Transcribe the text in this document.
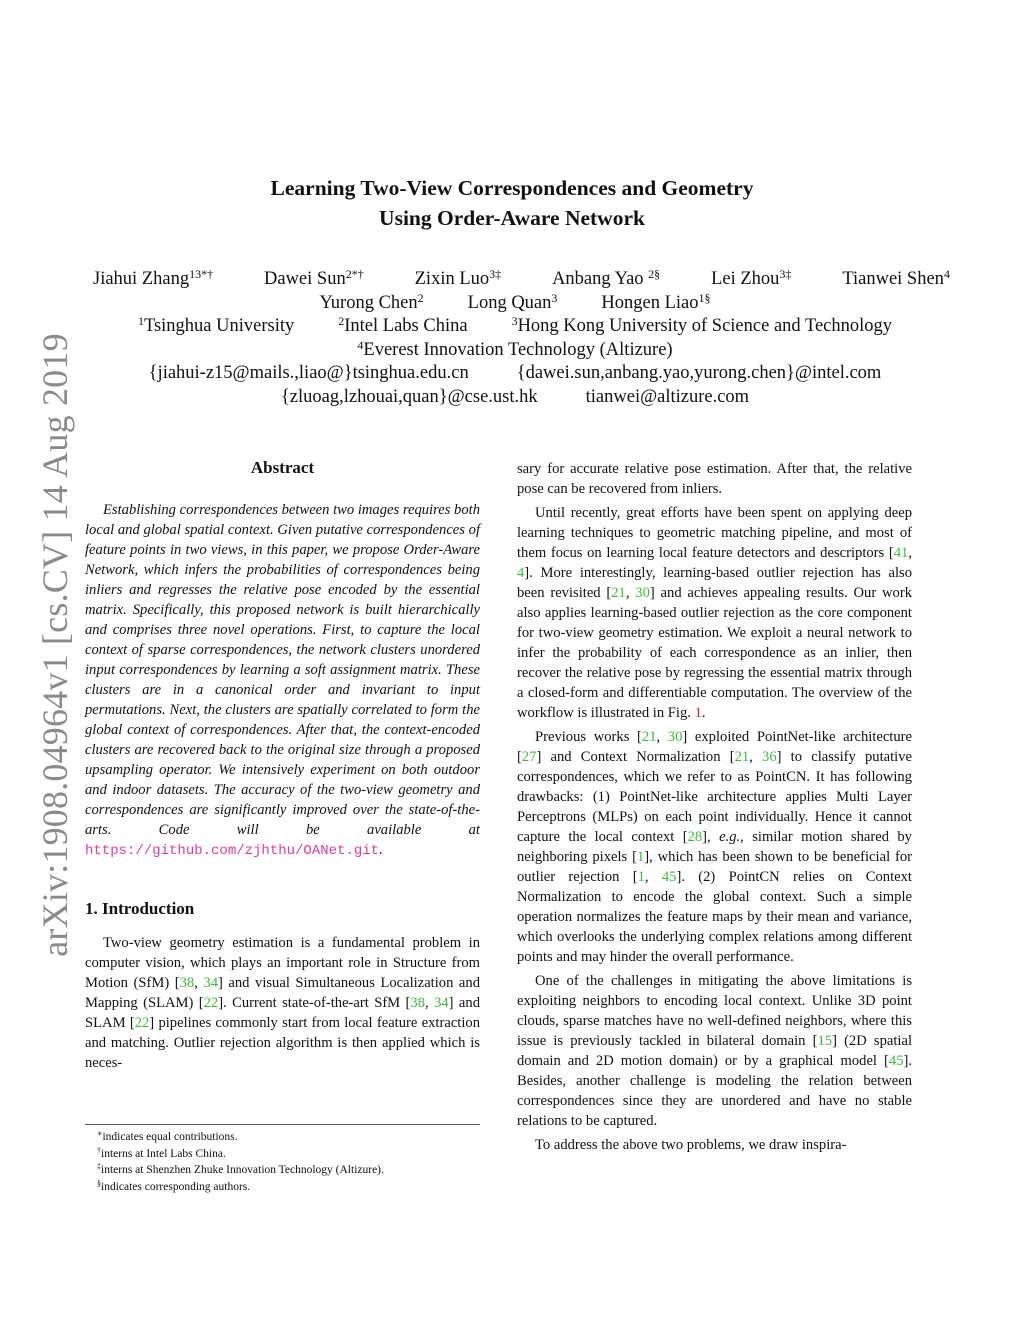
arXiv:1908.04964v1 [cs.CV] 14 Aug 2019
Learning Two-View Correspondences and Geometry
Using Order-Aware Network
Jiahui Zhang$^{13*\dagger}$	Dawei Sun$^{2*\dagger}$	Zixin Luo$^{3\ddagger}$	Anbang Yao $^{2\S}$	Lei Zhou$^{3\ddagger}$	Tianwei Shen$^4$
Yurong Chen$^2$ Long Quan$^3$ Hongen Liao$^{1\S}$
$^1$Tsinghua University	$^2$Intel Labs China	$^3$Hong Kong University of Science and Technology
$^4$Everest Innovation Technology (Altizure)
{jiahui-z15@mails.,liao@}tsinghua.edu.cn	{dawei.sun,anbang.yao,yurong.chen}@intel.com
{zluoag,lzhouai,quan}@cse.ust.hk	tianwei@altizure.com
Abstract

Establishing correspondences between two images requires both local and global spatial context. Given putative correspondences of feature points in two views, in this paper, we propose Order-Aware Network, which infers the probabilities of correspondences being inliers and regresses the relative pose encoded by the essential matrix. Specifically, this proposed network is built hierarchically and comprises three novel operations. First, to capture the local context of sparse correspondences, the network clusters unordered input correspondences by learning a soft assignment matrix. These clusters are in a canonical order and invariant to input permutations. Next, the clusters are spatially correlated to form the global context of correspondences. After that, the context-encoded clusters are recovered back to the original size through a proposed upsampling operator. We intensively experiment on both outdoor and indoor datasets. The accuracy of the two-view geometry and correspondences are significantly improved over the state-of-the-arts. Code will be available at https://github.com/zjhthu/OANet.git.

1. Introduction

Two-view geometry estimation is a fundamental problem in computer vision, which plays an important role in Structure from Motion (SfM) [38, 34] and visual Simultaneous Localization and Mapping (SLAM) [22]. Current state-of-the-art SfM [38, 34] and SLAM [22] pipelines commonly start from local feature extraction and matching. Outlier rejection algorithm is then applied which is neces-

∗indicates equal contributions.
†interns at Intel Labs China.
‡interns at Shenzhen Zhuke Innovation Technology (Altizure).
§indicates corresponding authors.

sary for accurate relative pose estimation. After that, the relative pose can be recovered from inliers.

Until recently, great efforts have been spent on applying deep learning techniques to geometric matching pipeline, and most of them focus on learning local feature detectors and descriptors [41, 4]. More interestingly, learning-based outlier rejection has also been revisited [21, 30] and achieves appealing results. Our work also applies learning-based outlier rejection as the core component for two-view geometry estimation. We exploit a neural network to infer the probability of each correspondence as an inlier, then recover the relative pose by regressing the essential matrix through a closed-form and differentiable computation. The overview of the workflow is illustrated in Fig. 1.

Previous works [21, 30] exploited PointNet-like architecture [27] and Context Normalization [21, 36] to classify putative correspondences, which we refer to as PointCN. It has following drawbacks: (1) PointNet-like architecture applies Multi Layer Perceptrons (MLPs) on each point individually. Hence it cannot capture the local context [28], e.g., similar motion shared by neighboring pixels [1], which has been shown to be beneficial for outlier rejection [1, 45]. (2) PointCN relies on Context Normalization to encode the global context. Such a simple operation normalizes the feature maps by their mean and variance, which overlooks the underlying complex relations among different points and may hinder the overall performance.

One of the challenges in mitigating the above limitations is exploiting neighbors to encoding local context. Unlike 3D point clouds, sparse matches have no well-defined neighbors, where this issue is previously tackled in bilateral domain [15] (2D spatial domain and 2D motion domain) or by a graphical model [45]. Besides, another challenge is modeling the relation between correspondences since they are unordered and have no stable relations to be captured.

To address the above two problems, we draw inspira-
